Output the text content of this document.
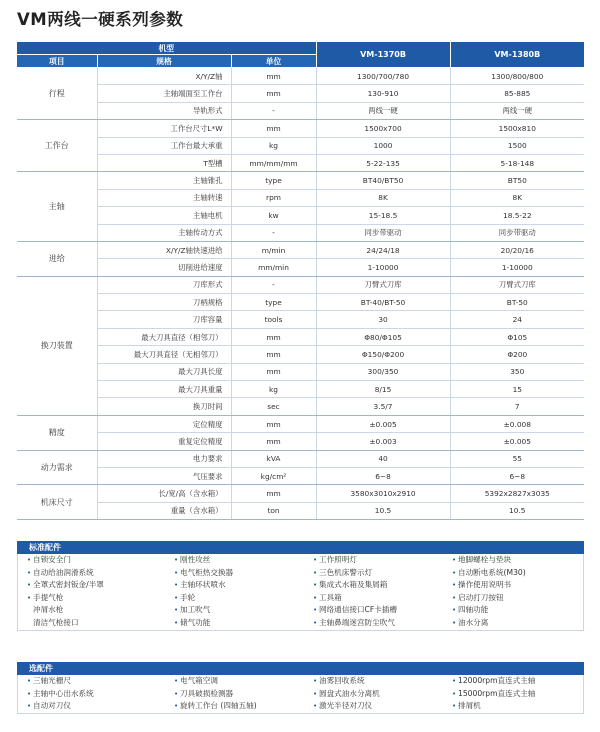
VM两线一硬系列参数
机型			VM-1370B	VM-1380B
项目	规格	单位		
行程	X/Y/Z轴	mm	1300/700/780	1300/800/800
	主轴端面至工作台	mm	130-910	85-885
	导轨形式	-	两线一硬	两线一硬
工作台	工作台尺寸L*W	mm	1500x700	1500x810
	工作台最大承重	kg	1000	1500
	T型槽	mm/mm/mm	5-22-135	5-18-148
主轴	主轴锥孔	type	BT40/BT50	BT50
	主轴转速	rpm	8K	8K
	主轴电机	kw	15-18.5	18.5-22
	主轴传动方式	-	同步带驱动	同步带驱动
进给	X/Y/Z轴快速进给	m/min	24/24/18	20/20/16
	切削进给速度	mm/min	1-10000	1-10000
换刀装置	刀库形式	-	刀臂式刀库	刀臂式刀库
	刀柄规格	type	BT-40/BT-50	BT-50
	刀库容量	tools	30	24
	最大刀具直径（相邻刀）	mm	Φ80/Φ105	Φ105
	最大刀具直径（无相邻刀）	mm	Φ150/Φ200	Φ200
	最大刀具长度	mm	300/350	350
	最大刀具重量	kg	8/15	15
	换刀时间	sec	3.5/7	7
精度	定位精度	mm	±0.005	±0.008
	重复定位精度	mm	±0.003	±0.005
动力需求	电力要求	kVA	40	55
	气压要求	kg/cm²	6~8	6~8
机床尺寸	长/宽/高（含水箱）	mm	3580x3010x2910	5392x2827x3035
	重量（含水箱）	ton	10.5	10.5
标准配件
• 自锁安全门	• 刚性攻丝	• 工作照明灯	• 地脚螺栓与垫块
• 自动给油润滑系统	• 电气柜热交换器	• 三色机床警示灯	• 自动断电系统(M30)
• 全罩式密封钣金/半罩	• 主轴环状喷水	• 集成式水箱及集屑箱	• 操作使用说明书
• 手提气枪	• 手轮	• 工具箱	• 启动打刀按钮
冲屑水枪	• 加工吹气	• 网络通信接口CF卡插槽	• 四轴功能
清洁气枪接口	• 储气功能	• 主轴鼻端迷宫防尘吹气	• 油水分离
选配件
• 三轴光栅尺	• 电气箱空调	• 油雾回收系统	• 12000rpm直连式主轴
• 主轴中心出水系统	• 刀具破损检测器	• 圆盘式油水分离机	• 15000rpm直连式主轴
• 自动对刀仪	• 旋转工作台 (四轴五轴)	• 激光半径对刀仪	• 排屑机
